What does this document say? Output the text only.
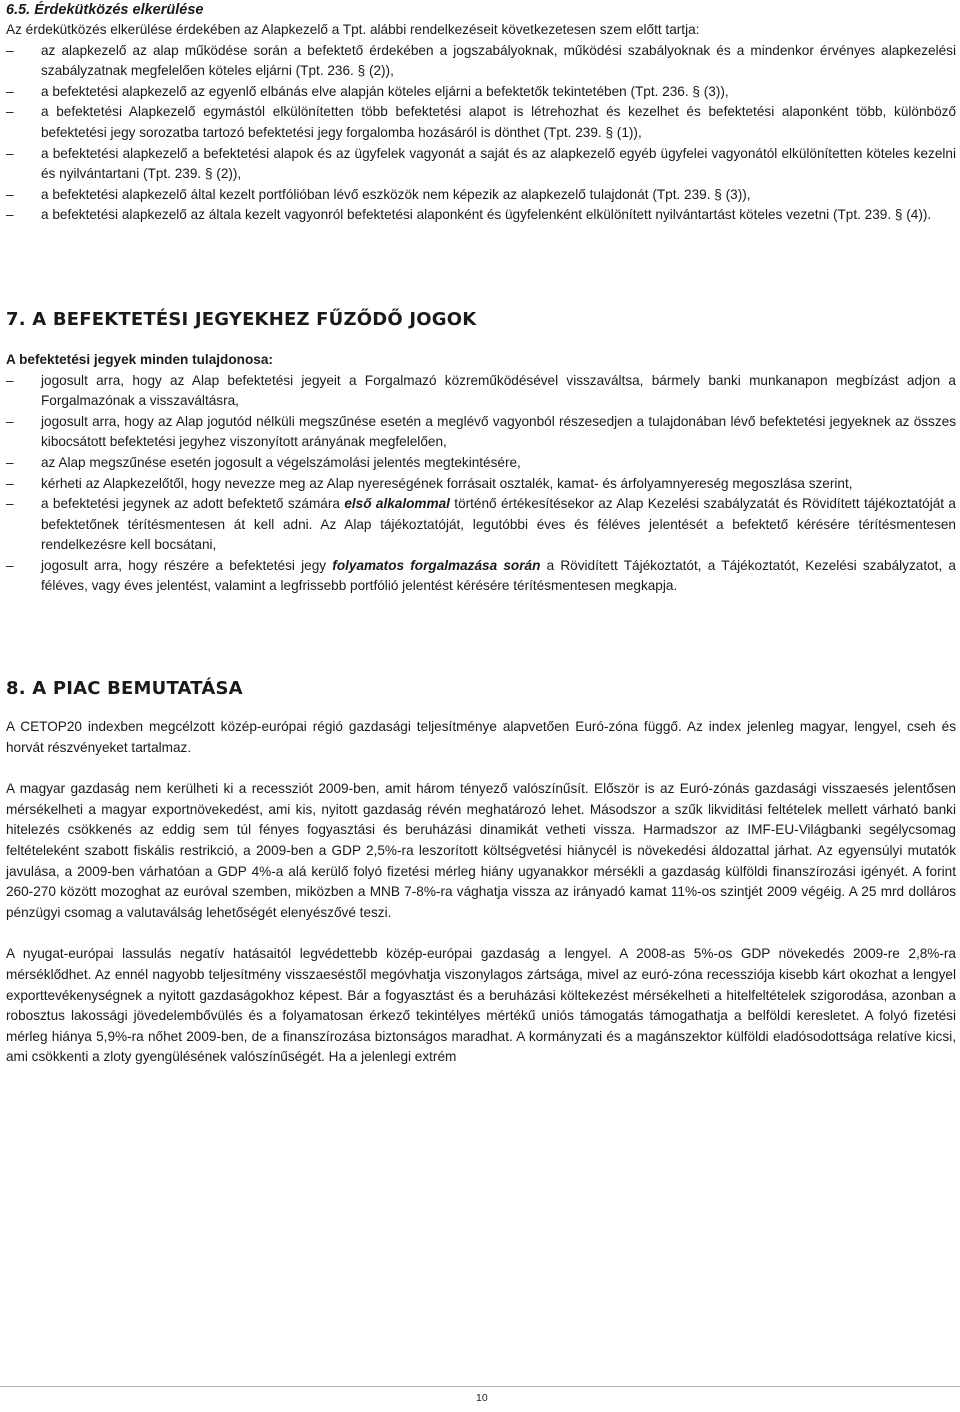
6.5. Érdekütközés elkerülése

Az érdekütközés elkerülése érdekében az Alapkezelő a Tpt. alábbi rendelkezéseit következetesen szem előtt tartja:

– az alapkezelő az alap működése során a befektető érdekében a jogszabályoknak, működési szabályoknak és a mindenkor érvényes alapkezelési szabályzatnak megfelelően köteles eljárni (Tpt. 236. § (2)),
– a befektetési alapkezelő az egyenlő elbánás elve alapján köteles eljárni a befektetők tekintetében (Tpt. 236. § (3)),
– a befektetési Alapkezelő egymástól elkülönítetten több befektetési alapot is létrehozhat és kezelhet és befektetési alaponként több, különböző befektetési jegy sorozatba tartozó befektetési jegy forgalomba hozásáról is dönthet (Tpt. 239. § (1)),
– a befektetési alapkezelő a befektetési alapok és az ügyfelek vagyonát a saját és az alapkezelő egyéb ügyfelei vagyonától elkülönítetten köteles kezelni és nyilvántartani (Tpt. 239. § (2)),
– a befektetési alapkezelő által kezelt portfólióban lévő eszközök nem képezik az alapkezelő tulajdonát (Tpt. 239. § (3)),
– a befektetési alapkezelő az általa kezelt vagyonról befektetési alaponként és ügyfelenként elkülönített nyilvántartást köteles vezetni (Tpt. 239. § (4)).
7. A BEFEKTETÉSI JEGYEKHEZ FŰZŐDŐ JOGOK

A befektetési jegyek minden tulajdonosa:

– jogosult arra, hogy az Alap befektetési jegyeit a Forgalmazó közreműködésével visszaváltsa, bármely banki munkanapon megbízást adjon a Forgalmazónak a visszaváltásra,
– jogosult arra, hogy az Alap jogutód nélküli megszűnése esetén a meglévő vagyonból részesedjen a tulajdonában lévő befektetési jegyeknek az összes kibocsátott befektetési jegyhez viszonyított arányának megfelelően,
– az Alap megszűnése esetén jogosult a végelszámolási jelentés megtekintésére,
– kérheti az Alapkezelőtől, hogy nevezze meg az Alap nyereségének forrásait osztalék, kamat- és árfolyamnyereség megoszlása szerint,
– a befektetési jegynek az adott befektető számára első alkalommal történő értékesítésekor az Alap Kezelési szabályzatát és Rövidített tájékoztatóját a befektetőnek térítésmentesen át kell adni. Az Alap tájékoztatóját, legutóbbi éves és féléves jelentését a befektető kérésére térítésmentesen rendelkezésre kell bocsátani,
– jogosult arra, hogy részére a befektetési jegy folyamatos forgalmazása során a Rövidített Tájékoztatót, a Tájékoztatót, Kezelési szabályzatot, a féléves, vagy éves jelentést, valamint a legfrissebb portfólió jelentést kérésére térítésmentesen megkapja.
8. A PIAC BEMUTATÁSA

A CETOP20 indexben megcélzott közép-európai régió gazdasági teljesítménye alapvetően Euró-zóna függő. Az index jelenleg magyar, lengyel, cseh és horvát részvényeket tartalmaz.

A magyar gazdaság nem kerülheti ki a recessziót 2009-ben, amit három tényező valószínűsít. Először is az Euró-zónás gazdasági visszaesés jelentősen mérsékelheti a magyar exportnövekedést, ami kis, nyitott gazdaság révén meghatározó lehet. Másodszor a szűk likviditási feltételek mellett várható banki hitelezés csökkenés az eddig sem túl fényes fogyasztási és beruházási dinamikát vetheti vissza. Harmadszor az IMF-EU-Világbanki segélycsomag feltételeként szabott fiskális restrikció, a 2009-ben a GDP 2,5%-ra leszorított költségvetési hiánycél is növekedési áldozattal járhat. Az egyensúlyi mutatók javulása, a 2009-ben várhatóan a GDP 4%-a alá kerülő folyó fizetési mérleg hiány ugyanakkor mérsékli a gazdaság külföldi finanszírozási igényét. A forint 260-270 között mozoghat az euróval szemben, miközben a MNB 7-8%-ra vághatja vissza az irányadó kamat 11%-os szintjét 2009 végéig. A 25 mrd dolláros pénzügyi csomag a valutaválság lehetőségét elenyészővé teszi.

A nyugat-európai lassulás negatív hatásaitól legvédettebb közép-európai gazdaság a lengyel. A 2008-as 5%-os GDP növekedés 2009-re 2,8%-ra mérséklődhet. Az ennél nagyobb teljesítmény visszaeséstől megóvhatja viszonylagos zártsága, mivel az euró-zóna recessziója kisebb kárt okozhat a lengyel exporttevékenységnek a nyitott gazdaságokhoz képest. Bár a fogyasztást és a beruházási költekezést mérsékelheti a hitelfeltételek szigorodása, azonban a robosztus lakossági jövedelembővülés és a folyamatosan érkező tekintélyes mértékű uniós támogatás támogathatja a belföldi keresletet. A folyó fizetési mérleg hiánya 5,9%-ra nőhet 2009-ben, de a finanszírozása biztonságos maradhat. A kormányzati és a magánszektor külföldi eladósodottsága relatíve kicsi, ami csökkenti a zloty gyengülésének valószínűségét. Ha a jelenlegi extrém

10
